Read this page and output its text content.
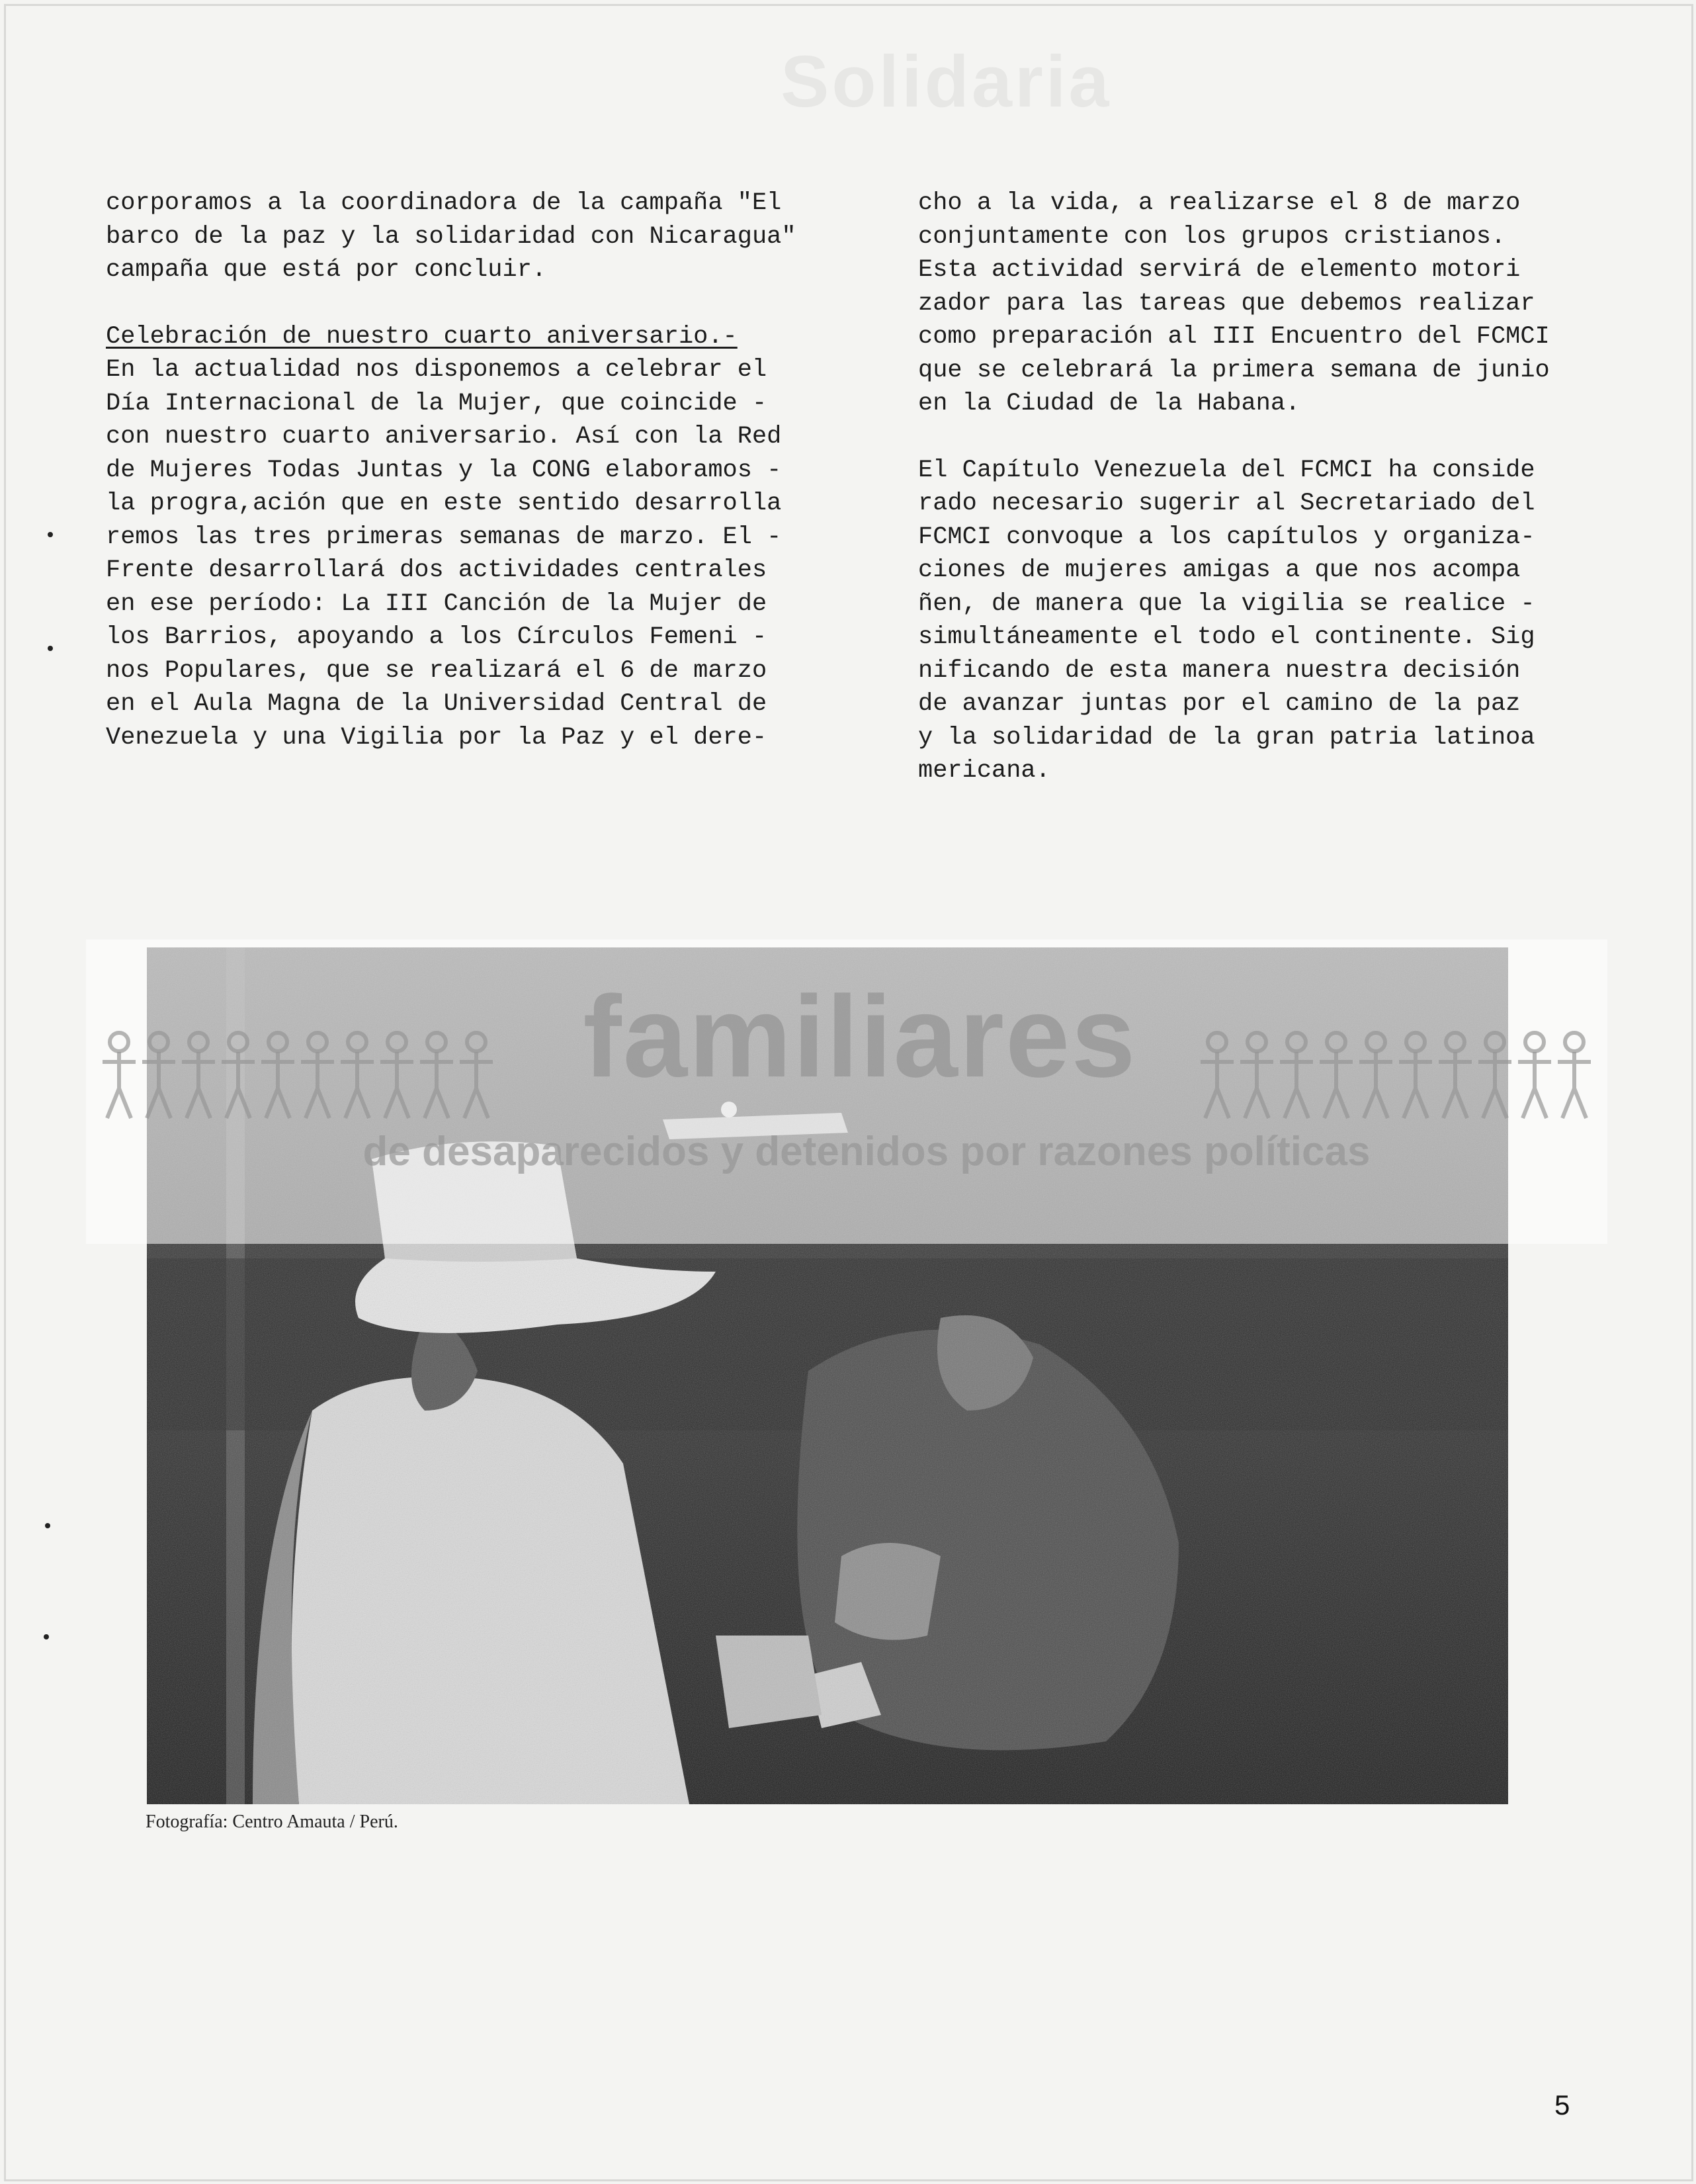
Solidaria
corporamos a la coordinadora de la campaña "El
barco de la paz y la solidaridad con Nicaragua"
campaña que está por concluir.
Celebración de nuestro cuarto aniversario.-
En la actualidad nos disponemos a celebrar el
Día Internacional de la Mujer, que coincide -
con nuestro cuarto aniversario. Así con la Red
de Mujeres Todas Juntas y la CONG elaboramos -
la progra,ación que en este sentido desarrolla
remos las tres primeras semanas de marzo. El -
Frente desarrollará dos actividades centrales
en ese período: La III Canción de la Mujer de
los Barrios, apoyando a los Círculos Femeni -
nos Populares, que se realizará el 6 de marzo
en el Aula Magna de la Universidad Central de
Venezuela y una Vigilia por la Paz y el dere-
cho a la vida, a realizarse el 8 de marzo
conjuntamente con los grupos cristianos.
Esta actividad servirá de elemento motori
zador para las tareas que debemos realizar
como preparación al III Encuentro del FCMCI
que se celebrará la primera semana de junio
en la Ciudad de la Habana.
El Capítulo Venezuela del FCMCI ha conside
rado necesario sugerir al Secretariado del
FCMCI convoque a los capítulos y organiza-
ciones de mujeres amigas a que nos acompa
ñen, de manera que la vigilia se realice -
simultáneamente el todo el continente. Sig
nificando de esta manera nuestra decisión
de avanzar juntas por el camino de la paz
y la solidaridad de la gran patria latinoa
mericana.
familiares
de desaparecidos y detenidos por razones políticas
Fotografía: Centro Amauta / Perú.
5
